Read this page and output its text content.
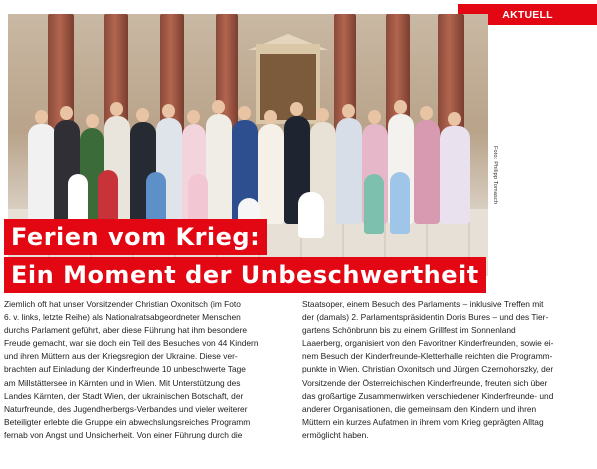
AKTUELL
Foto: Philipp Tomasch
Ferien vom Krieg:
Ein Moment der Unbeschwertheit

Ziemlich oft hat unser Vorsitzender Christian Oxonitsch (im Foto
6. v. links, letzte Reihe) als Nationalratsabgeordneter Menschen
durchs Parlament geführt, aber diese Führung hat ihm besondere
Freude gemacht, war sie doch ein Teil des Besuches von 44 Kindern
und ihren Müttern aus der Kriegsregion der Ukraine. Diese ver-
brachten auf Einladung der Kinderfreunde 10 unbeschwerte Tage
am Millstättersee in Kärnten und in Wien. Mit Unterstützung des
Landes Kärnten, der Stadt Wien, der ukrainischen Botschaft, der
Naturfreunde, des Jugendherbergs-Verbandes und vieler weiterer
Beteiligter erlebte die Gruppe ein abwechslungsreiches Programm
fernab von Angst und Unsicherheit. Von einer Führung durch die

Staatsoper, einem Besuch des Parlaments – inklusive Treffen mit
der (damals) 2. Parlamentspräsidentin Doris Bures – und des Tier-
gartens Schönbrunn bis zu einem Grillfest im Sonnenland
Laaerberg, organisiert von den Favoritner Kinderfreunden, sowie ei-
nem Besuch der Kinderfreunde-Kletterhalle reichten die Programm-
punkte in Wien. Christian Oxonitsch und Jürgen Czernohorszky, der
Vorsitzende der Österreichischen Kinderfreunde, freuten sich über
das großartige Zusammenwirken verschiedener Kinderfreunde- und
anderer Organisationen, die gemeinsam den Kindern und ihren
Müttern ein kurzes Aufatmen in ihrem vom Krieg geprägten Alltag
ermöglicht haben.
